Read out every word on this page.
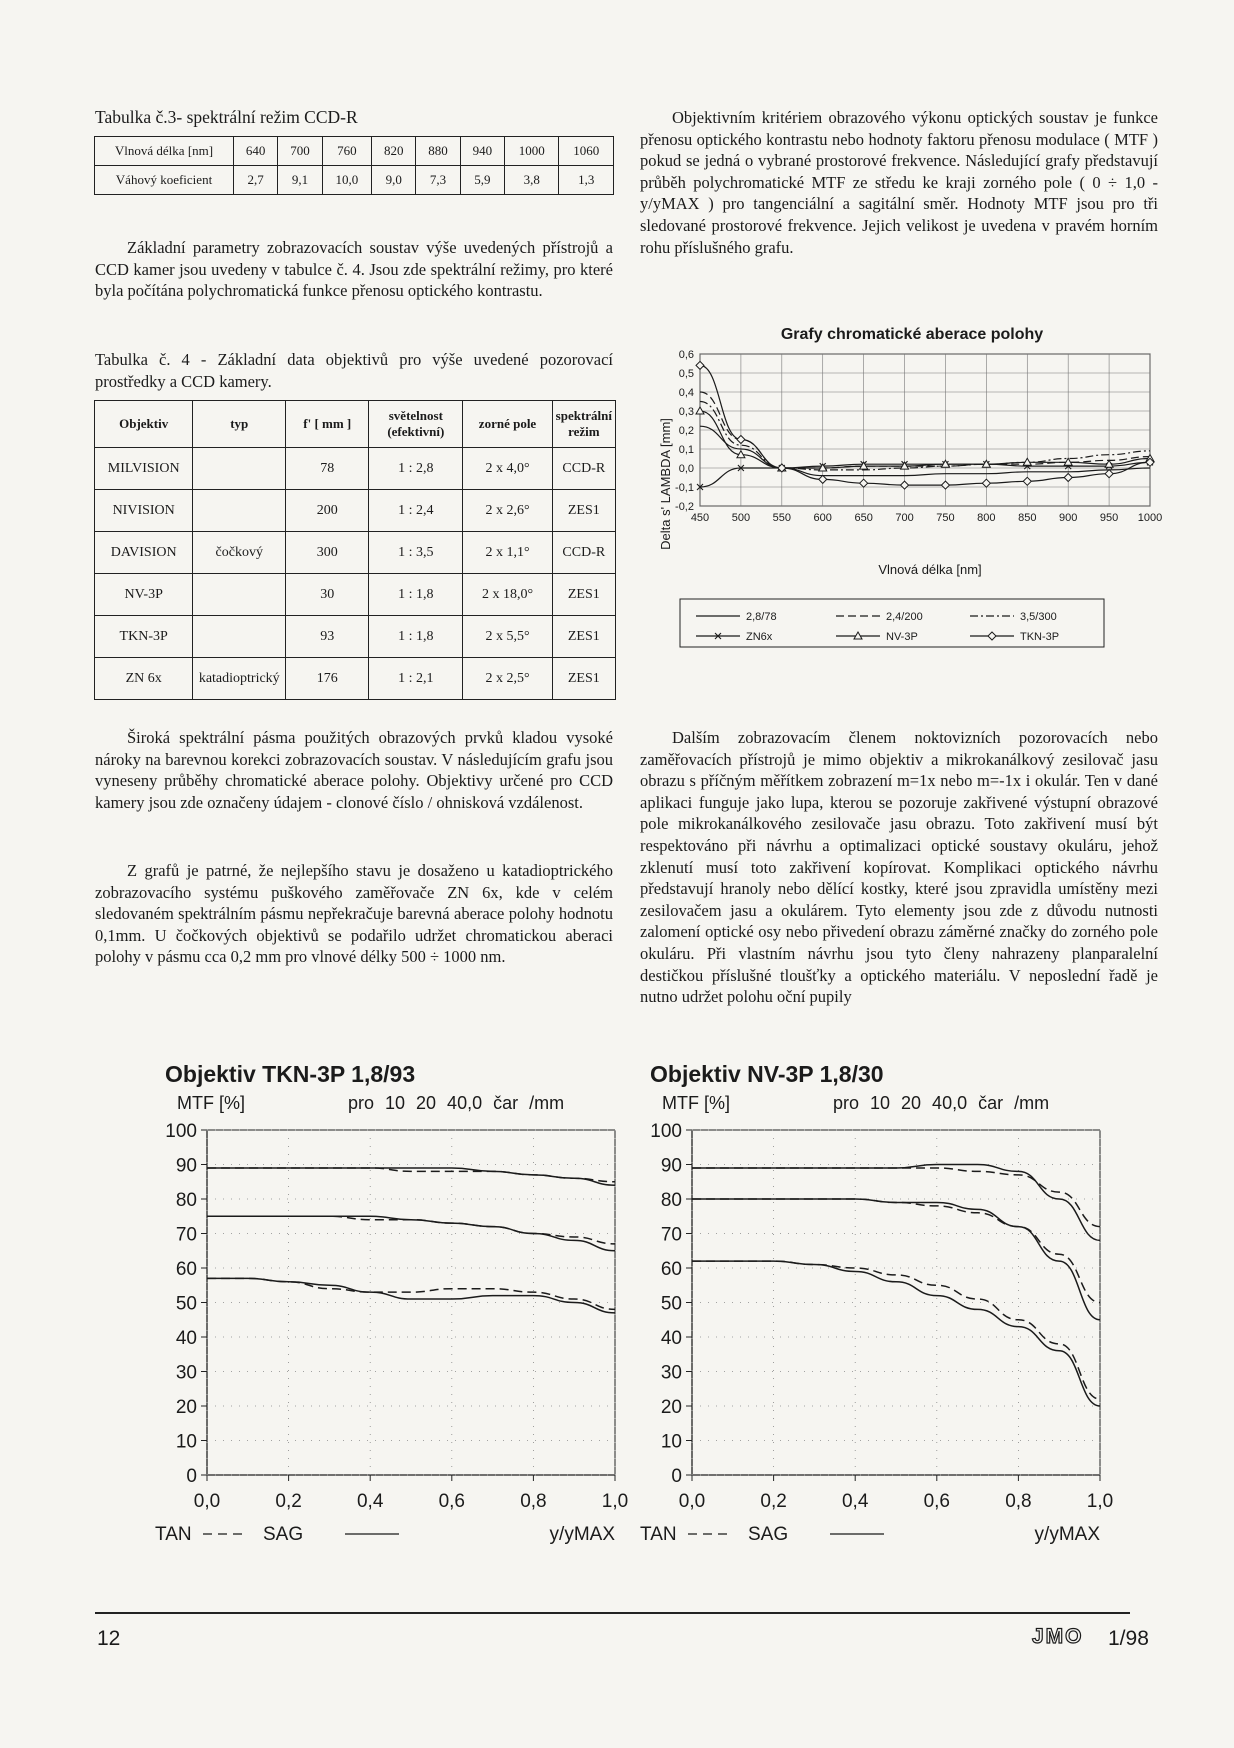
Tabulka č.3- spektrální režim CCD-R
Vlnová délka [nm]	640	700	760	820	880	940	1000	1060
Váhový koeficient	2,7	9,1	10,0	9,0	7,3	5,9	3,8	1,3

Základní parametry zobrazovacích soustav výše uvedených přístrojů a CCD kamer jsou uvedeny v tabulce č. 4. Jsou zde spektrální režimy, pro které byla počítána polychromatická funkce přenosu optického kontrastu.

Tabulka č. 4 - Základní data objektivů pro výše uvedené pozorovací prostředky a CCD kamery.

Objektiv	typ	f' [ mm ]	světelnost (efektivní)	zorné pole	spektrální režim
MILVISION		78	1 : 2,8	2 x 4,0°	CCD-R
NIVISION		200	1 : 2,4	2 x 2,6°	ZES1
DAVISION	čočkový	300	1 : 3,5	2 x 1,1°	CCD-R
NV-3P		30	1 : 1,8	2 x 18,0°	ZES1
TKN-3P		93	1 : 1,8	2 x 5,5°	ZES1
ZN 6x	katadioptrický	176	1 : 2,1	2 x 2,5°	ZES1

Široká spektrální pásma použitých obrazových prvků kladou vysoké nároky na barevnou korekci zobrazovacích soustav. V následujícím grafu jsou vyneseny průběhy chromatické aberace polohy. Objektivy určené pro CCD kamery jsou zde označeny údajem - clonové číslo / ohnisková vzdálenost.

Z grafů je patrné, že nejlepšího stavu je dosaženo u katadioptrického zobrazovacího systému puškového zaměřovače ZN 6x, kde v celém sledovaném spektrálním pásmu nepřekračuje barevná aberace polohy hodnotu 0,1mm. U čočkových objektivů se podařilo udržet chromatickou aberaci polohy v pásmu cca 0,2 mm pro vlnové délky 500 ÷ 1000 nm.

Objektivním kritériem obrazového výkonu optických soustav je funkce přenosu optického kontrastu nebo hodnoty faktoru přenosu modulace ( MTF ) pokud se jedná o vybrané prostorové frekvence. Následující grafy představují průběh polychromatické MTF ze středu ke kraji zorného pole ( 0 ÷ 1,0 - y/yMAX ) pro tangenciální a sagitální směr. Hodnoty MTF jsou pro tři sledované prostorové frekvence. Jejich velikost je uvedena v pravém horním rohu příslušného grafu.

Grafy chromatické aberace polohy
450 500 550 600 650 700 750 800 850 900 950 1000
0,6
0,5
0,4
0,3
0,2
0,1
0,0
-0,1
-0,2
Delta s' LAMBDA [mm]
Vlnová délka [nm]
2,8/78	2,4/200	3,5/300
ZN6x	NV-3P	TKN-3P

Dalším zobrazovacím členem noktovizních pozorovacích nebo zaměřovacích přístrojů je mimo objektiv a mikrokanálkový zesilovač jasu obrazu s příčným měřítkem zobrazení m=1x nebo m=-1x i okulár. Ten v dané aplikaci funguje jako lupa, kterou se pozoruje zakřivené výstupní obrazové pole mikrokanálkového zesilovače jasu obrazu. Toto zakřivení musí být respektováno při návrhu a optimalizaci optické soustavy okuláru, jehož zklenutí musí toto zakřivení kopírovat. Komplikaci optického návrhu představují hranoly nebo dělící kostky, které jsou zpravidla umístěny mezi zesilovačem jasu a okulárem. Tyto elementy jsou zde z důvodu nutnosti zalomení optické osy nebo přivedení obrazu záměrné značky do zorného pole okuláru. Při vlastním návrhu jsou tyto členy nahrazeny planparalelní destičkou příslušné tloušťky a optického materiálu. V neposlední řadě je nutno udržet polohu oční pupily

Objektiv TKN-3P 1,8/93
MTF [%]	pro 10 20 40,0 čar /mm
100
90
80
70
60
50
40
30
20
10
0
0,0	0,2	0,4	0,6	0,8	1,0
TAN	SAG	y/yMAX
Objektiv NV-3P 1,8/30
MTF [%]	pro 10 20 40,0 čar /mm
100
90
80
70
60
50
40
30
20
10
0
0,0	0,2	0,4	0,6	0,8	1,0
TAN	SAG	y/yMAX
12	JMO 1/98
